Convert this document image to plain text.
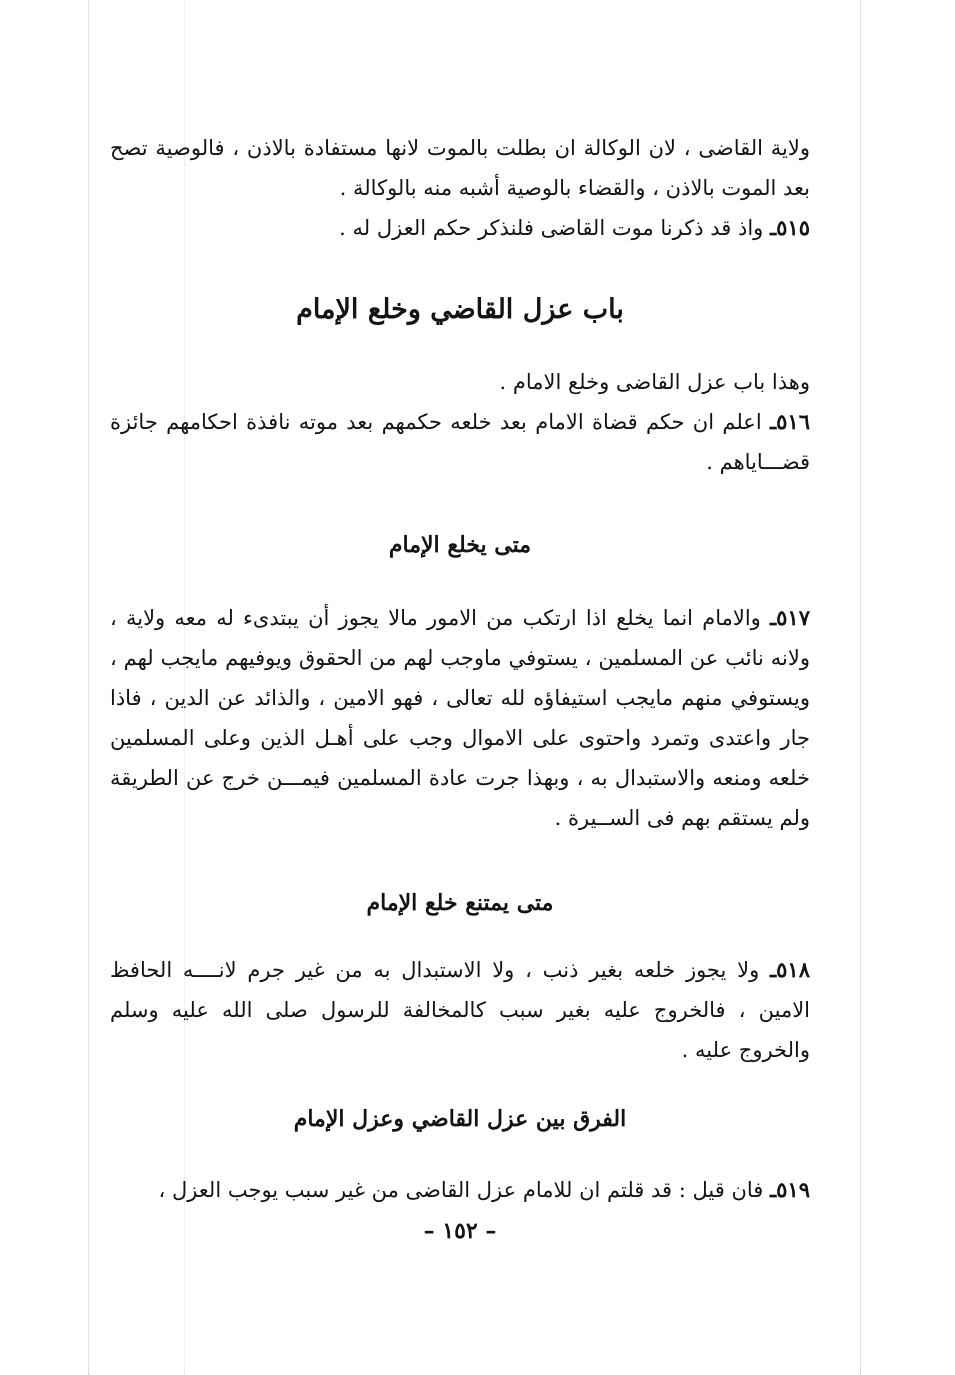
ولاية القاضى ، لان الوكالة ان بطلت بالموت لانها مستفادة بالاذن ، فالوصية تصح بعد الموت بالاذن ، والقضاء بالوصية أشبه منه بالوكالة .

٥١٥ـ واذ قد ذكرنا موت القاضى فلنذكر حكم العزل له .

باب عزل القاضي وخلع الإمام

وهذا باب عزل القاضى وخلع الامام .

٥١٦ـ اعلم ان حكم قضاة الامام بعد خلعه حكمهم بعد موته نافذة احكامهم جائزة قضـــاياهم .

متى يخلع الإمام

٥١٧ـ والامام انما يخلع اذا ارتكب من الامور مالا يجوز أن يبتدىء له معه ولاية ، ولانه نائب عن المسلمين ، يستوفي ماوجب لهم من الحقوق ويوفيهم مايجب لهم ، ويستوفي منهم مايجب استيفاؤه لله تعالى ، فهو الامين ، والذائد عن الدين ، فاذا جار واعتدى وتمرد واحتوى على الاموال وجب على أهـل الذين وعلى المسلمين خلعه ومنعه والاستبدال به ، وبهذا جرت عادة المسلمين فيمـــن خرج عن الطريقة ولم يستقم بهم فى الســيرة .

متى يمتنع خلع الإمام

٥١٨ـ ولا يجوز خلعه بغير ذنب ، ولا الاستبدال به من غير جرم لانــــه الحافظ الامين ، فالخروج عليه بغير سبب كالمخالفة للرسول صلى الله عليه وسلم والخروج عليه .

الفرق بين عزل القاضي وعزل الإمام

٥١٩ـ فان قيل : قد قلتم ان للامام عزل القاضى من غير سبب يوجب العزل ،

– ١٥٢ –
